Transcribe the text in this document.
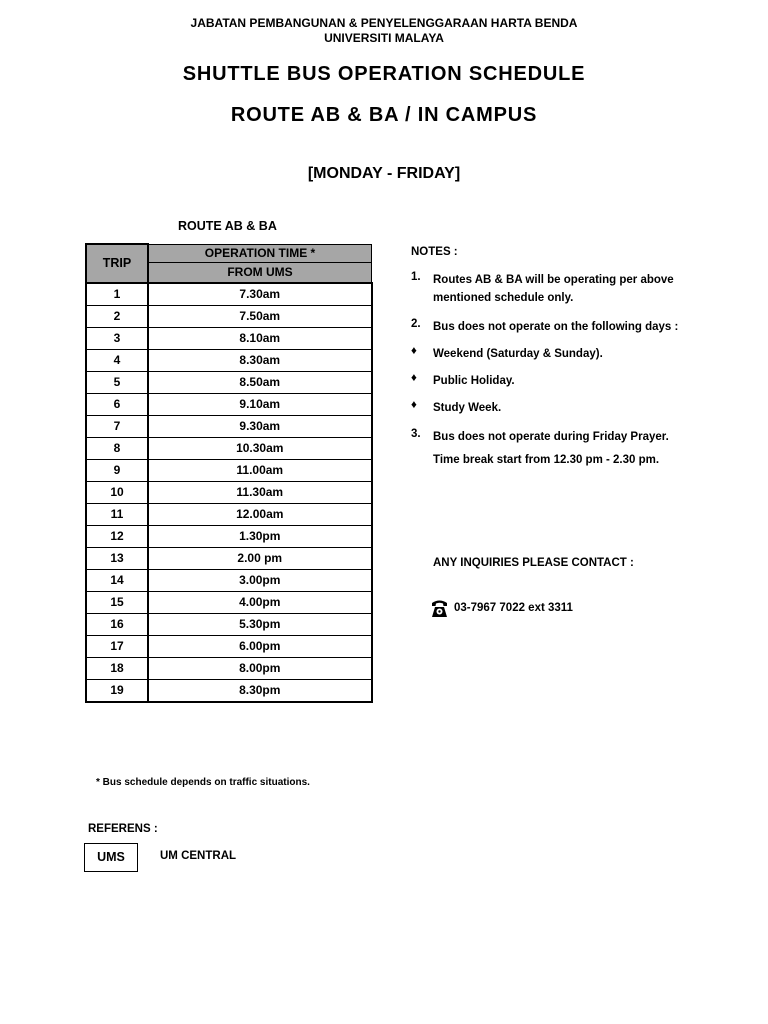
JABATAN PEMBANGUNAN & PENYELENGGARAAN HARTA BENDA
UNIVERSITI MALAYA
SHUTTLE BUS OPERATION SCHEDULE
ROUTE AB & BA / IN CAMPUS
[MONDAY - FRIDAY]
ROUTE AB & BA
TRIP	OPERATION TIME *
	FROM UMS
1	7.30am
2	7.50am
3	8.10am
4	8.30am
5	8.50am
6	9.10am
7	9.30am
8	10.30am
9	11.00am
10	11.30am
11	12.00am
12	1.30pm
13	2.00 pm
14	3.00pm
15	4.00pm
16	5.30pm
17	6.00pm
18	8.00pm
19	8.30pm
NOTES :
1.	Routes AB & BA will be operating per above mentioned schedule only.
2.	Bus does not operate on the following days :
♦	Weekend (Saturday & Sunday).
♦	Public Holiday.
♦	Study Week.
3.	Bus does not operate during Friday Prayer.
Time break start from 12.30 pm - 2.30 pm.
ANY INQUIRIES PLEASE CONTACT :
03-7967 7022 ext 3311
* Bus schedule depends on traffic situations.
REFERENS :
UMS	UM CENTRAL
